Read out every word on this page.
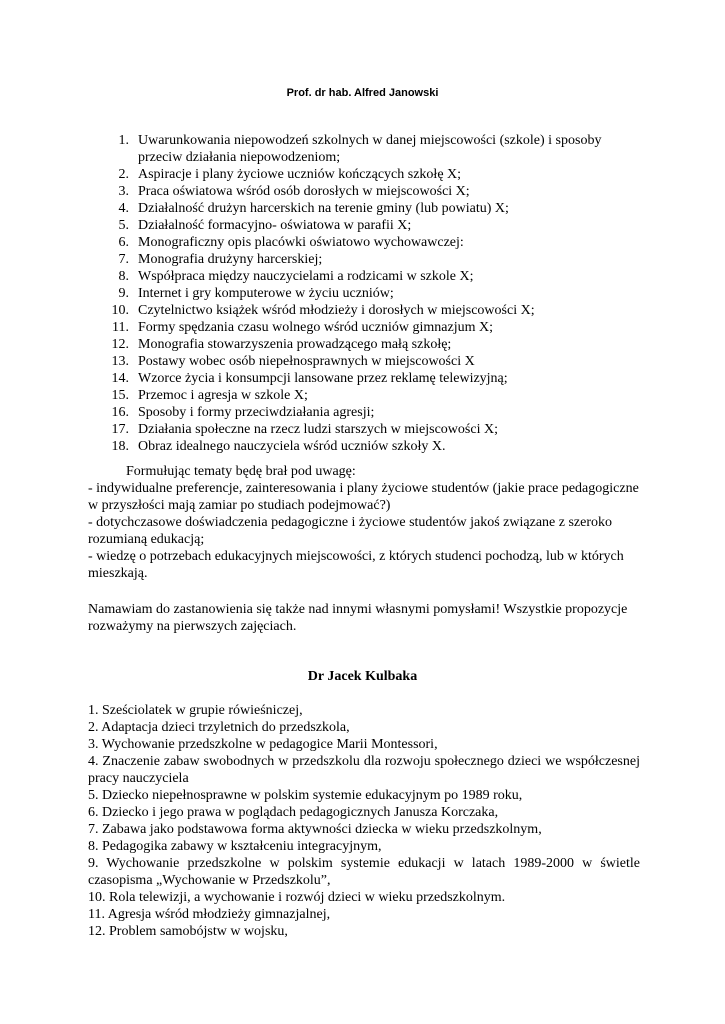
Prof. dr hab. Alfred Janowski
1. Uwarunkowania niepowodzeń szkolnych w danej miejscowości (szkole) i sposoby przeciw działania niepowodzeniom;
2. Aspiracje i plany życiowe uczniów kończących szkołę X;
3. Praca oświatowa wśród osób dorosłych w miejscowości X;
4. Działalność drużyn harcerskich na terenie gminy (lub powiatu) X;
5. Działalność formacyjno- oświatowa w parafii X;
6. Monograficzny opis placówki oświatowo wychowawczej:
7. Monografia drużyny harcerskiej;
8. Współpraca między nauczycielami a rodzicami w szkole X;
9. Internet i gry komputerowe w życiu uczniów;
10. Czytelnictwo książek wśród młodzieży i dorosłych w miejscowości X;
11. Formy spędzania czasu wolnego wśród uczniów gimnazjum X;
12. Monografia stowarzyszenia prowadzącego małą szkołę;
13. Postawy wobec osób niepełnosprawnych w miejscowości X
14. Wzorce życia i konsumpcji lansowane przez reklamę telewizyjną;
15. Przemoc i agresja w szkole X;
16. Sposoby i formy przeciwdziałania agresji;
17. Działania społeczne na rzecz ludzi starszych w miejscowości X;
18. Obraz idealnego nauczyciela wśród uczniów szkoły X.
Formułując tematy będę brał pod uwagę:
- indywidualne preferencje, zainteresowania i plany życiowe studentów (jakie prace pedagogiczne w przyszłości mają zamiar po studiach podejmować?)
- dotychczasowe doświadczenia pedagogiczne i życiowe studentów jakoś związane z szeroko rozumianą edukacją;
- wiedzę o potrzebach edukacyjnych miejscowości, z których studenci pochodzą, lub w których mieszkają.
Namawiam do zastanowienia się także nad innymi własnymi pomysłami! Wszystkie propozycje rozważymy na pierwszych zajęciach.
Dr Jacek Kulbaka
1. Sześciolatek w grupie rówieśniczej,
2. Adaptacja dzieci trzyletnich do przedszkola,
3. Wychowanie przedszkolne w pedagogice Marii Montessori,
4. Znaczenie zabaw swobodnych w przedszkolu dla rozwoju społecznego dzieci we współczesnej pracy nauczyciela
5. Dziecko niepełnosprawne w polskim systemie edukacyjnym po 1989 roku,
6. Dziecko i jego prawa w poglądach pedagogicznych Janusza Korczaka,
7. Zabawa jako podstawowa forma aktywności dziecka w wieku przedszkolnym,
8. Pedagogika zabawy w kształceniu integracyjnym,
9. Wychowanie przedszkolne w polskim systemie edukacji w latach 1989-2000 w świetle czasopisma „Wychowanie w Przedszkolu”,
10. Rola telewizji, a wychowanie i rozwój dzieci w wieku przedszkolnym.
11. Agresja wśród młodzieży gimnazjalnej,
12. Problem samobójstw w wojsku,
